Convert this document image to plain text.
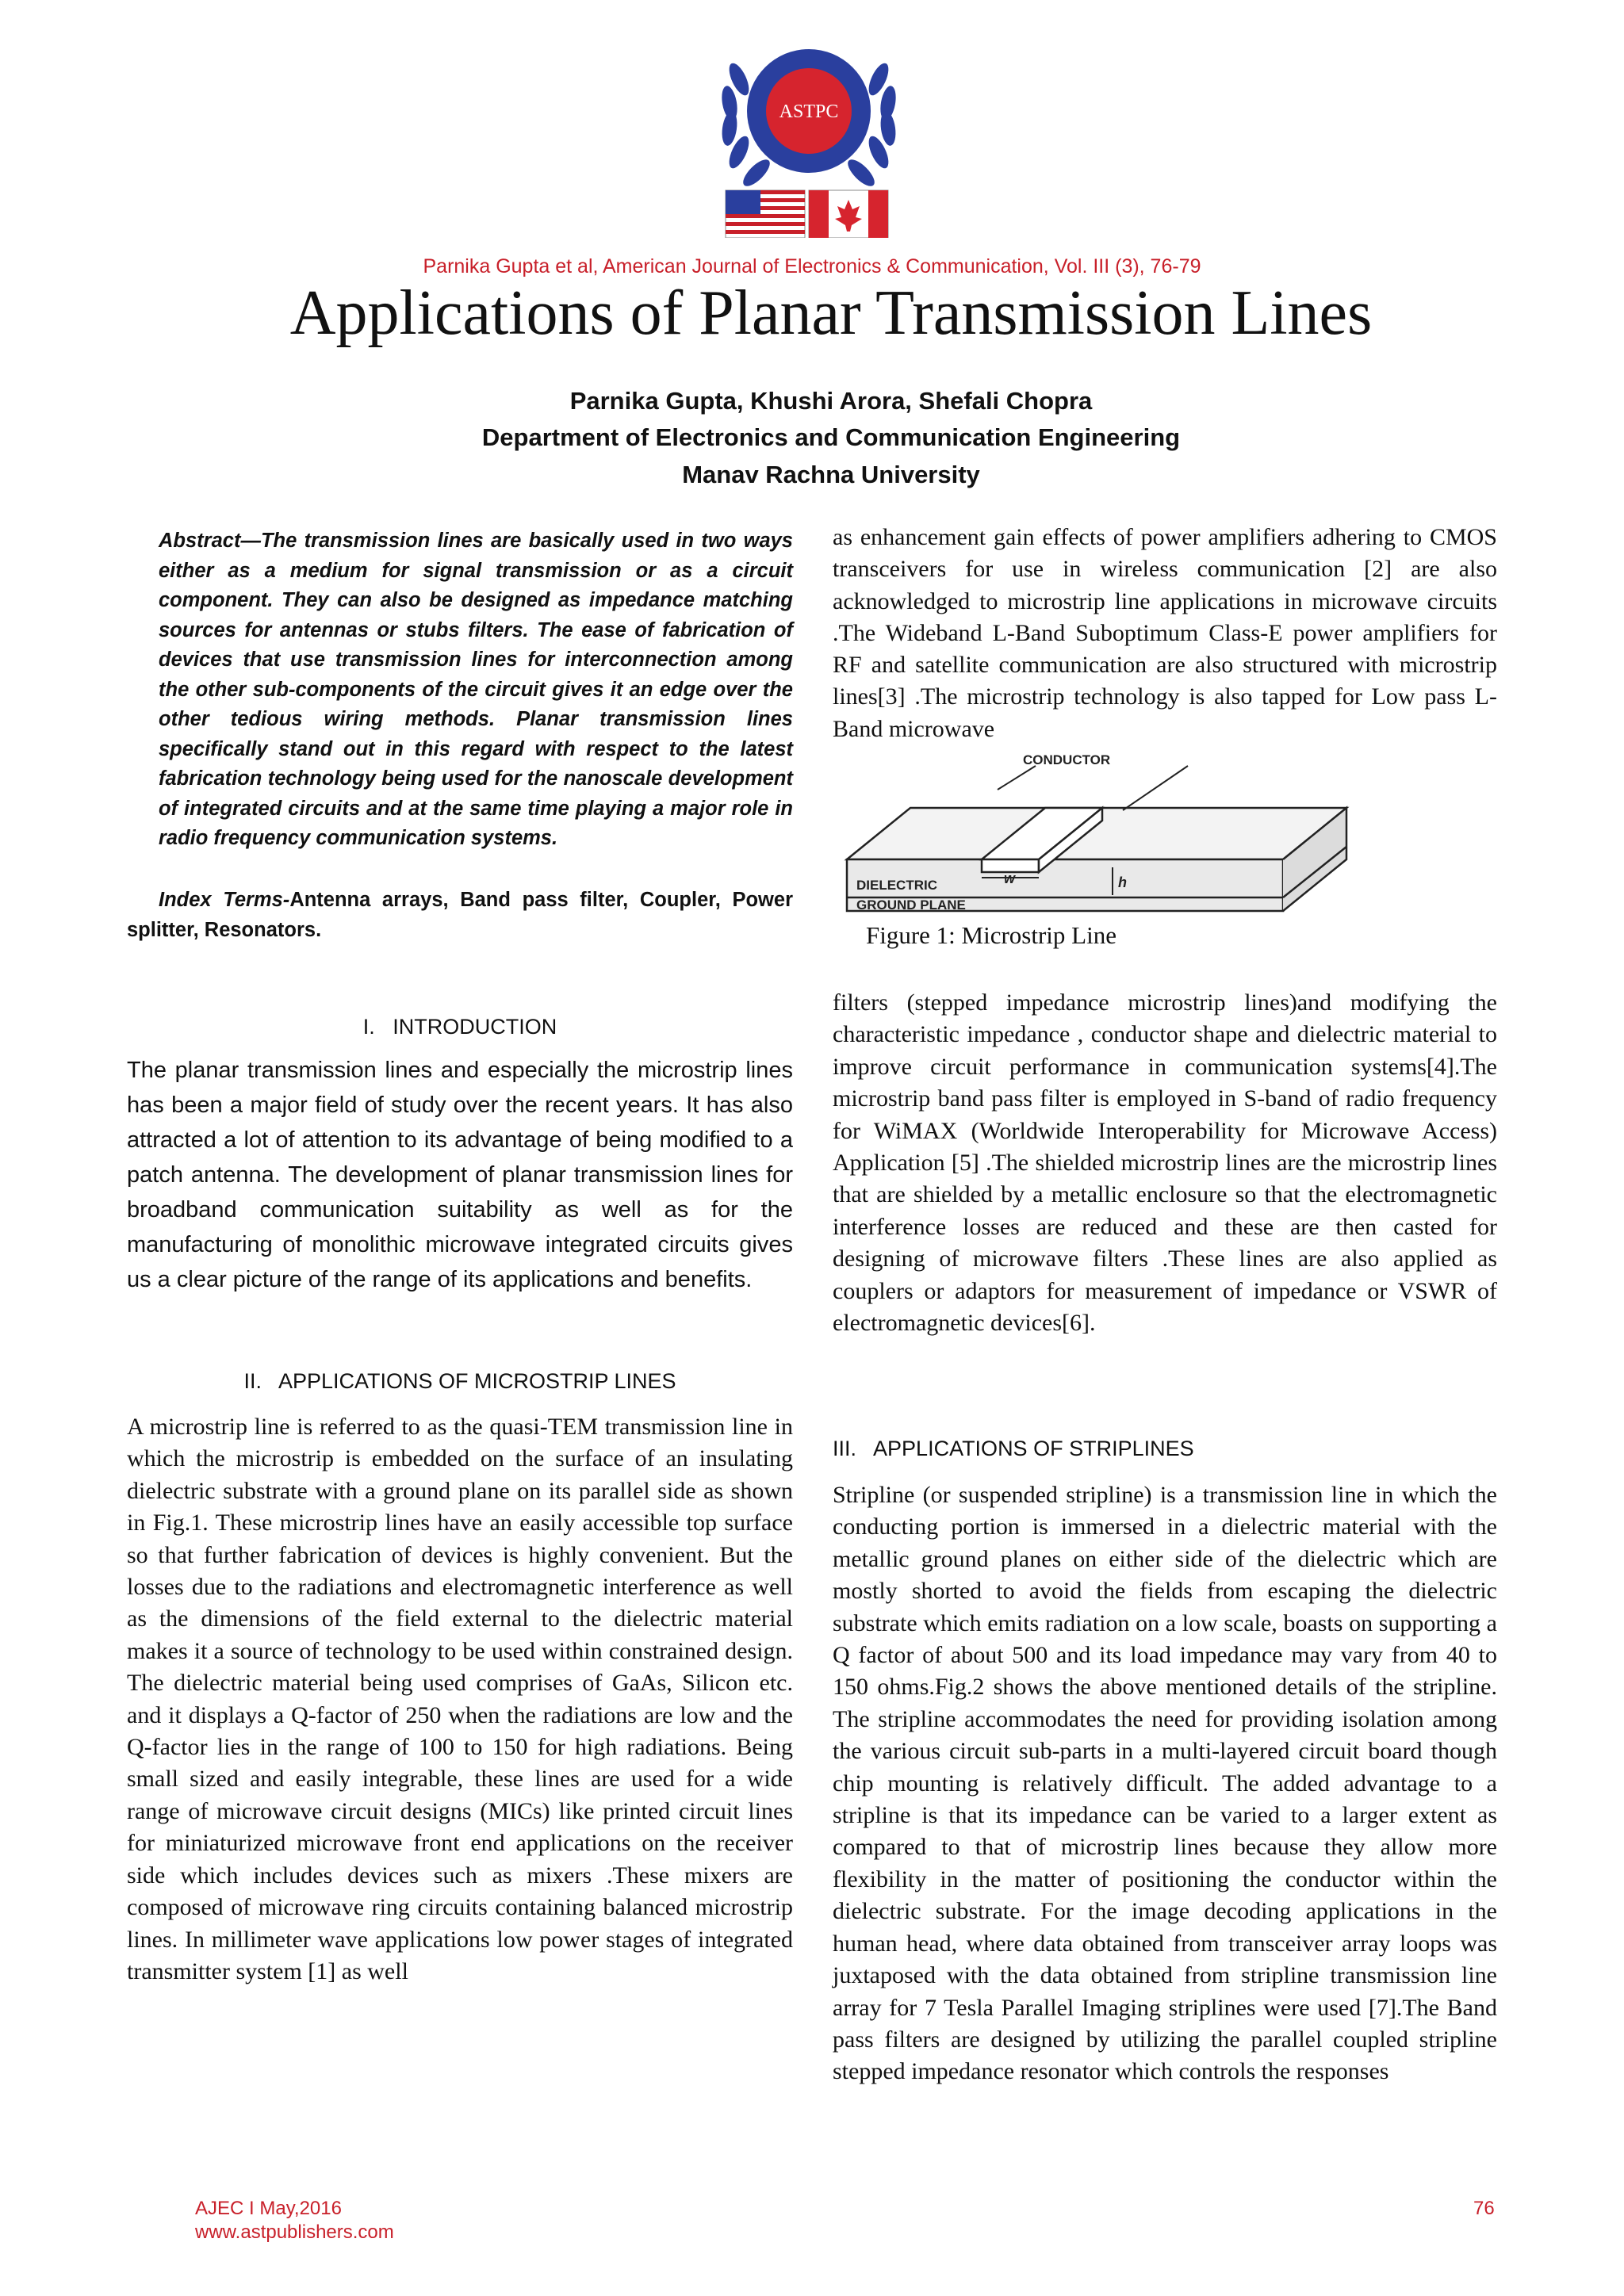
ASTPC
Parnika Gupta et al, American Journal of Electronics & Communication, Vol. III (3), 76-79
Applications of Planar Transmission Lines
Parnika Gupta, Khushi Arora, Shefali Chopra
Department of Electronics and Communication Engineering
Manav Rachna University
Abstract—The transmission lines are basically used in two ways either as a medium for signal transmission or as a circuit component. They can also be designed as impedance matching sources for antennas or stubs filters. The ease of fabrication of devices that use transmission lines for interconnection among the other sub-components of the circuit gives it an edge over the other tedious wiring methods. Planar transmission lines specifically stand out in this regard with respect to the latest fabrication technology being used for the nanoscale development of integrated circuits and at the same time playing a major role in radio frequency communication systems.
Index Terms-Antenna arrays, Band pass filter, Coupler, Power splitter, Resonators.
I.   INTRODUCTION
The planar transmission lines and especially the microstrip lines has been a major field of study over the recent years. It has also attracted a lot of attention to its advantage of being modified to a patch antenna. The development of planar transmission lines for broadband communication suitability as well as for the manufacturing of monolithic microwave integrated circuits gives us a clear picture of the range of its applications and benefits.
II.   APPLICATIONS OF MICROSTRIP LINES
A microstrip line is referred to as the quasi-TEM transmission line in which the microstrip is embedded on the surface of an insulating dielectric substrate with a ground plane on its parallel side as shown in Fig.1. These microstrip lines have an easily accessible top surface so that further fabrication of devices is highly convenient. But the losses due to the radiations and electromagnetic interference as well as the dimensions of the field external to the dielectric material makes it a source of technology to be used within constrained design. The dielectric material being used comprises of GaAs, Silicon etc. and it displays a Q-factor of 250 when the radiations are low and the Q-factor lies in the range of 100 to 150 for high radiations. Being small sized and easily integrable, these lines are used for a wide range of microwave circuit designs (MICs) like printed circuit lines for miniaturized microwave front end applications on the receiver side which includes devices such as mixers .These mixers are composed of microwave ring circuits containing balanced microstrip lines. In millimeter wave applications low power stages of integrated transmitter system [1] as well
as enhancement gain effects of power amplifiers adhering to CMOS transceivers for use in wireless communication [2] are also acknowledged to microstrip line applications in microwave circuits .The Wideband L-Band Suboptimum Class-E power amplifiers for RF and satellite communication are also structured with microstrip lines[3] .The microstrip technology is also tapped for Low pass L-Band microwave
CONDUCTOR
DIELECTRIC
GROUND PLANE
w	h
Figure 1: Microstrip Line
filters (stepped impedance microstrip lines)and modifying the characteristic impedance , conductor shape and dielectric material to improve circuit performance in communication systems[4].The microstrip band pass filter is employed in S-band of radio frequency for WiMAX (Worldwide Interoperability for Microwave Access) Application [5] .The shielded microstrip lines are the microstrip lines that are shielded by a metallic enclosure so that the electromagnetic interference losses are reduced and these are then casted for designing of microwave filters .These lines are also applied as couplers or adaptors for measurement of impedance or VSWR of electromagnetic devices[6].
III.   APPLICATIONS OF STRIPLINES
Stripline (or suspended stripline) is a transmission line in which the conducting portion is immersed in a dielectric material with the metallic ground planes on either side of the dielectric which are mostly shorted to avoid the fields from escaping the dielectric substrate which emits radiation on a low scale, boasts on supporting a Q factor of about 500 and its load impedance may vary from 40 to 150 ohms.Fig.2 shows the above mentioned details of the stripline. The stripline accommodates the need for providing isolation among the various circuit sub-parts in a multi-layered circuit board though chip mounting is relatively difficult. The added advantage to a stripline is that its impedance can be varied to a larger extent as compared to that of microstrip lines because they allow more flexibility in the matter of positioning the conductor within the dielectric substrate. For the image decoding applications in the human head, where data obtained from transceiver array loops was juxtaposed with the data obtained from stripline transmission line array for 7 Tesla Parallel Imaging striplines were used [7].The Band pass filters are designed by utilizing the parallel coupled stripline stepped impedance resonator which controls the responses
AJEC I May,2016
www.astpublishers.com
76
